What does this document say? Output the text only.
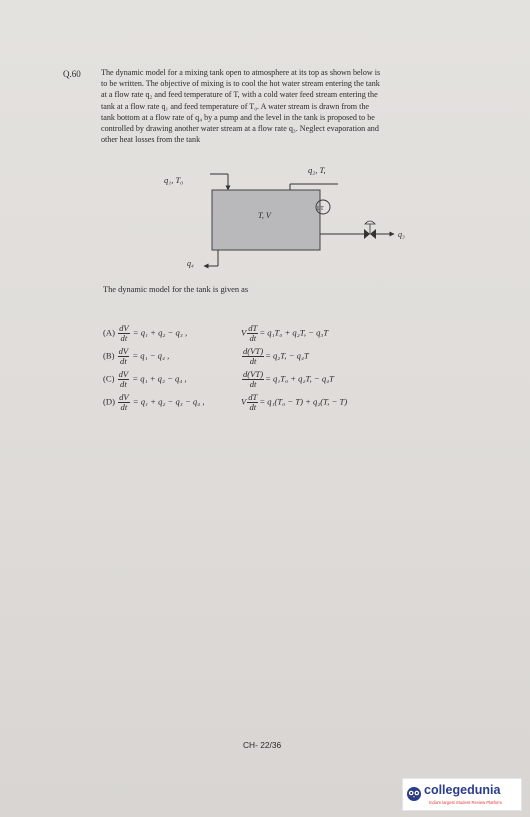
Q.60	The dynamic model for a mixing tank open to atmosphere at its top as shown below is
to be written. The objective of mixing is to cool the hot water stream entering the tank
at a flow rate q₂ and feed temperature of T, with a cold water feed stream entering the
tank at a flow rate q₁ and feed temperature of T₀. A water stream is drawn from the
tank bottom at a flow rate of q₄ by a pump and the level in the tank is proposed to be
controlled by drawing another water stream at a flow rate q₃. Neglect evaporation and
other heat losses from the tank
q₁, T₀
q₂, T,
T, V
LT
q₃
q₄
The dynamic model for the tank is given as
$(A) \frac{dV}{dt} = q_1 + q_2 - q_3$ ,	V $\frac{dT}{dt} = q_1T_0 + q_2T$, − q₃T
$(B) \frac{dV}{dt} = q_1 - q_4$ ,	$\frac{d(VT)}{dt} = q_2T$, − q₄T
$(C) \frac{dV}{dt} = q_1 + q_2 - q_4$ ,	$\frac{d(VT)}{dt} = q_1T_0 + q_2T$, − q₄T
$(D) \frac{dV}{dt} = q_1 + q_2 - q_3 - q_4$ ,	V $\frac{dT}{dt} = q_1(T_0 - T) + q_2(T$, − T)
CH- 22/36
collegedunia
India's largest Student Review Platform
